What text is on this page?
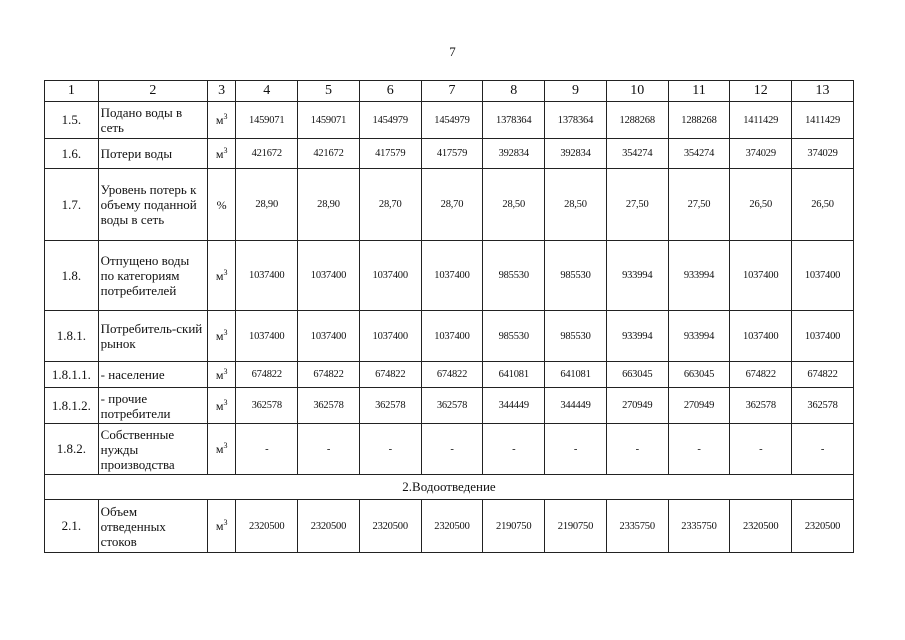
7
1	2	3	4	5	6	7	8	9	10	11	12	13
1.5.	Подано воды в сеть	$м^3$	1459071	1459071	1454979	1454979	1378364	1378364	1288268	1288268	1411429	1411429
1.6.	Потери воды	$м^3$	421672	421672	417579	417579	392834	392834	354274	354274	374029	374029
1.7.	Уровень потерь к объему поданной воды в сеть	%	28,90	28,90	28,70	28,70	28,50	28,50	27,50	27,50	26,50	26,50
1.8.	Отпущено воды по категориям потребителей	$м^3$	1037400	1037400	1037400	1037400	985530	985530	933994	933994	1037400	1037400
1.8.1.	Потребитель-ский рынок	$м^3$	1037400	1037400	1037400	1037400	985530	985530	933994	933994	1037400	1037400
1.8.1.1.	- население	$м^3$	674822	674822	674822	674822	641081	641081	663045	663045	674822	674822
1.8.1.2.	- прочие потребители	$м^3$	362578	362578	362578	362578	344449	344449	270949	270949	362578	362578
1.8.2.	Собственные нужды производства	$м^3$	-	-	-	-	-	-	-	-	-	-
2.Водоотведение												
2.1.	Объем отведенных стоков	$м^3$	2320500	2320500	2320500	2320500	2190750	2190750	2335750	2335750	2320500	2320500
